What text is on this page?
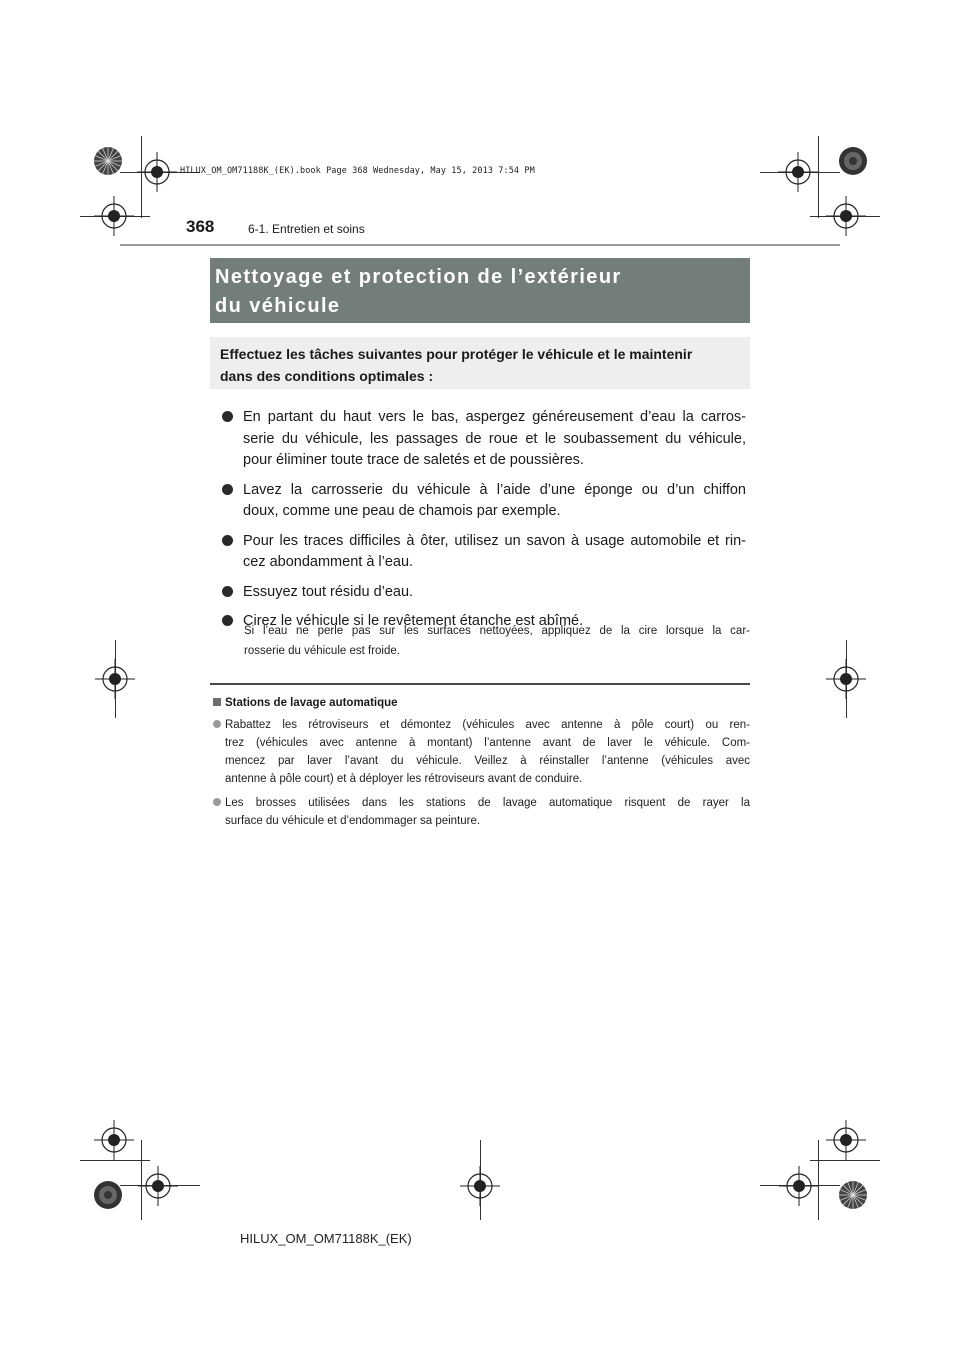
HILUX_OM_OM71188K_(EK).book Page 368 Wednesday, May 15, 2013 7:54 PM
368	6-1. Entretien et soins
Nettoyage et protection de l’extérieur
du véhicule
Effectuez les tâches suivantes pour protéger le véhicule et le maintenir
dans des conditions optimales :
En partant du haut vers le bas, aspergez généreusement d’eau la carros-
serie du véhicule, les passages de roue et le soubassement du véhicule,
pour éliminer toute trace de saletés et de poussières.
Lavez la carrosserie du véhicule à l’aide d’une éponge ou d’un chiffon
doux, comme une peau de chamois par exemple.
Pour les traces difficiles à ôter, utilisez un savon à usage automobile et rin-
cez abondamment à l’eau.
Essuyez tout résidu d’eau.
Cirez le véhicule si le revêtement étanche est abîmé.
Si l’eau ne perle pas sur les surfaces nettoyées, appliquez de la cire lorsque la car-
rosserie du véhicule est froide.
Stations de lavage automatique
Rabattez les rétroviseurs et démontez (véhicules avec antenne à pôle court) ou ren-
trez (véhicules avec antenne à montant) l’antenne avant de laver le véhicule. Com-
mencez par laver l’avant du véhicule. Veillez à réinstaller l’antenne (véhicules avec
antenne à pôle court) et à déployer les rétroviseurs avant de conduire.
Les brosses utilisées dans les stations de lavage automatique risquent de rayer la
surface du véhicule et d’endommager sa peinture.
HILUX_OM_OM71188K_(EK)
